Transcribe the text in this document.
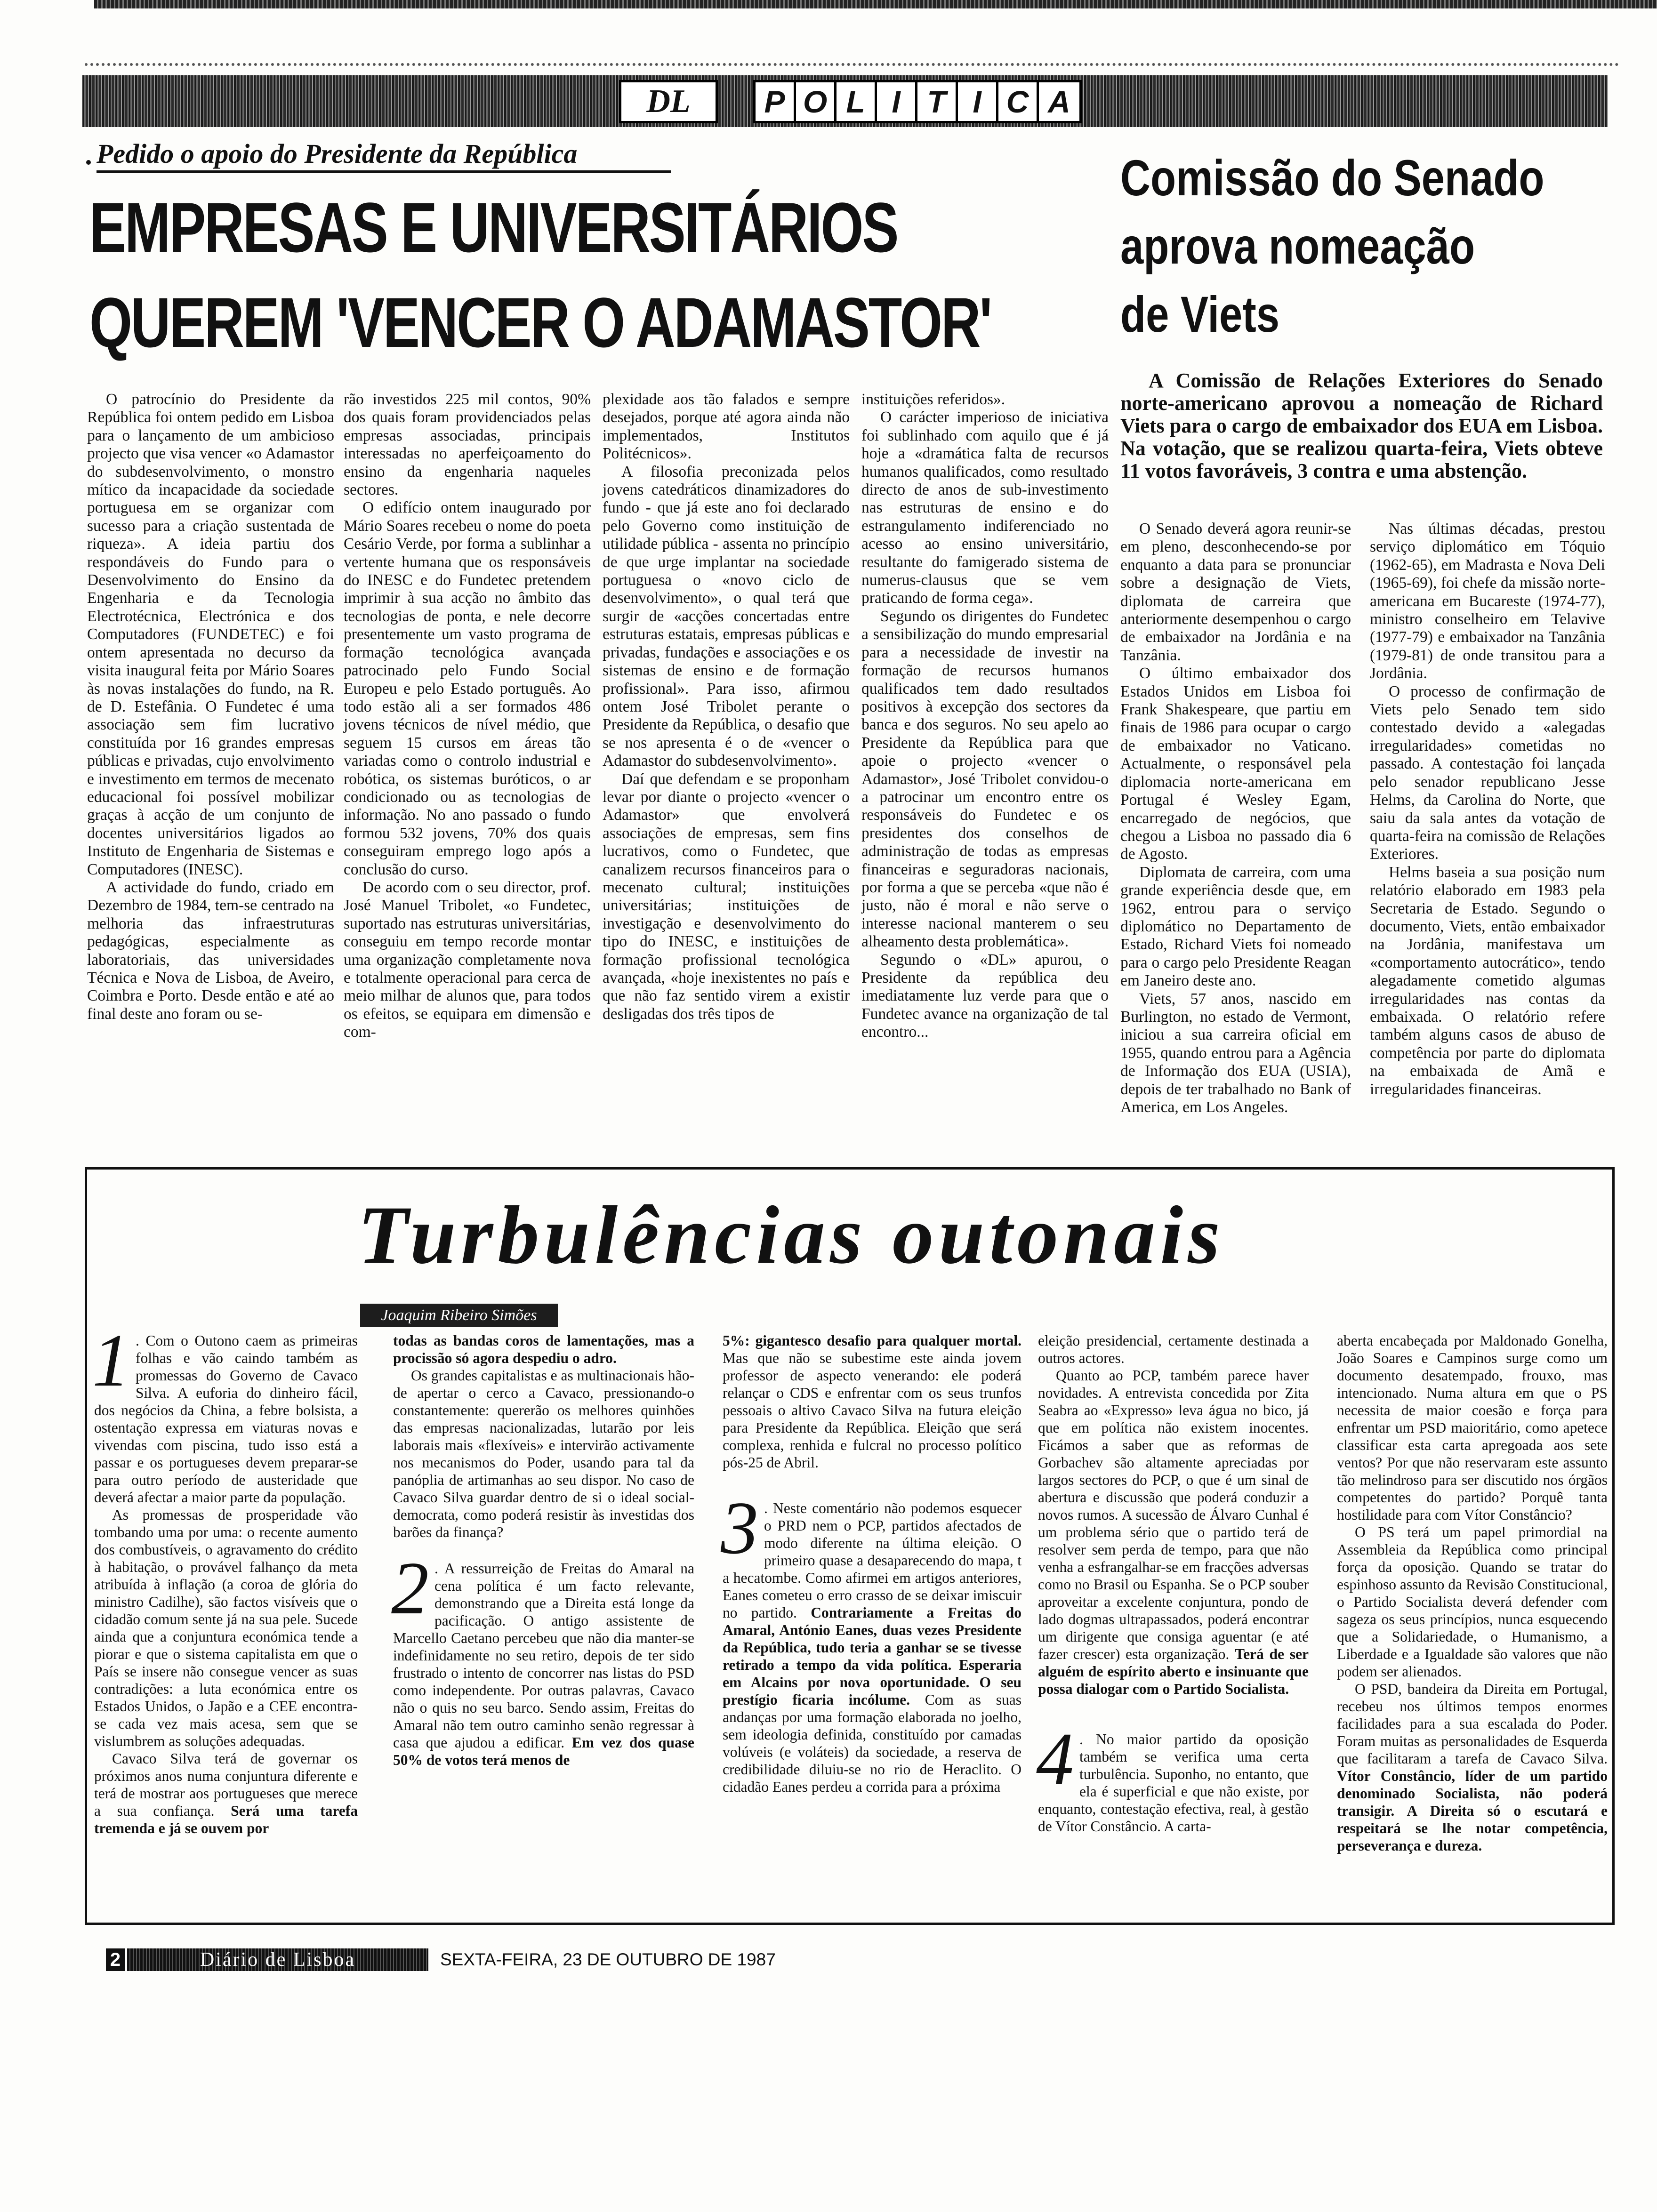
DL	P O L I T I C A
Pedido o apoio do Presidente da República
EMPRESAS E UNIVERSITÁRIOS
QUEREM 'VENCER O ADAMASTOR'

O patrocínio do Presidente da República foi ontem pedido em Lisboa para o lançamento de um ambicioso projecto que visa vencer «o Adamastor do subdesenvolvimento, o monstro mítico da incapacidade da sociedade portuguesa em se organizar com sucesso para a criação sustentada de riqueza». A ideia partiu dos respondáveis do Fundo para o Desenvolvimento do Ensino da Engenharia e da Tecnologia Electrotécnica, Electrónica e dos Computadores (FUNDETEC) e foi ontem apresentada no decurso da visita inaugural feita por Mário Soares às novas instalações do fundo, na R. de D. Estefânia. O Fundetec é uma associação sem fim lucrativo constituída por 16 grandes empresas públicas e privadas, cujo envolvimento e investimento em termos de mecenato educacional foi possível mobilizar graças à acção de um conjunto de docentes universitários ligados ao Instituto de Engenharia de Sistemas e Computadores (INESC).

A actividade do fundo, criado em Dezembro de 1984, tem-se centrado na melhoria das infraestruturas pedagógicas, especialmente as laboratoriais, das universidades Técnica e Nova de Lisboa, de Aveiro, Coimbra e Porto. Desde então e até ao final deste ano foram ou se-

rão investidos 225 mil contos, 90% dos quais foram providenciados pelas empresas associadas, principais interessadas no aperfeiçoamento do ensino da engenharia naqueles sectores.

O edifício ontem inaugurado por Mário Soares recebeu o nome do poeta Cesário Verde, por forma a sublinhar a vertente humana que os responsáveis do INESC e do Fundetec pretendem imprimir à sua acção no âmbito das tecnologias de ponta, e nele decorre presentemente um vasto programa de formação tecnológica avançada patrocinado pelo Fundo Social Europeu e pelo Estado português. Ao todo estão ali a ser formados 486 jovens técnicos de nível médio, que seguem 15 cursos em áreas tão variadas como o controlo industrial e robótica, os sistemas buróticos, o ar condicionado ou as tecnologias de informação. No ano passado o fundo formou 532 jovens, 70% dos quais conseguiram emprego logo após a conclusão do curso.

De acordo com o seu director, prof. José Manuel Tribolet, «o Fundetec, suportado nas estruturas universitárias, conseguiu em tempo recorde montar uma organização completamente nova e totalmente operacional para cerca de meio milhar de alunos que, para todos os efeitos, se equipara em dimensão e com-

plexidade aos tão falados e sempre desejados, porque até agora ainda não implementados, Institutos Politécnicos».

A filosofia preconizada pelos jovens catedráticos dinamizadores do fundo - que já este ano foi declarado pelo Governo como instituição de utilidade pública - assenta no princípio de que urge implantar na sociedade portuguesa o «novo ciclo de desenvolvimento», o qual terá que surgir de «acções concertadas entre estruturas estatais, empresas públicas e privadas, fundações e associações e os sistemas de ensino e de formação profissional». Para isso, afirmou ontem José Tribolet perante o Presidente da República, o desafio que se nos apresenta é o de «vencer o Adamastor do subdesenvolvimento».

Daí que defendam e se proponham levar por diante o projecto «vencer o Adamastor» que envolverá associações de empresas, sem fins lucrativos, como o Fundetec, que canalizem recursos financeiros para o mecenato cultural; instituições universitárias; instituições de investigação e desenvolvimento do tipo do INESC, e instituições de formação profissional tecnológica avançada, «hoje inexistentes no país e que não faz sentido virem a existir desligadas dos três tipos de

instituições referidos».

O carácter imperioso de iniciativa foi sublinhado com aquilo que é já hoje a «dramática falta de recursos humanos qualificados, como resultado directo de anos de sub-investimento nas estruturas de ensino e do estrangulamento indiferenciado no acesso ao ensino universitário, resultante do famigerado sistema de numerus-clausus que se vem praticando de forma cega».

Segundo os dirigentes do Fundetec a sensibilização do mundo empresarial para a necessidade de investir na formação de recursos humanos qualificados tem dado resultados positivos à excepção dos sectores da banca e dos seguros. No seu apelo ao Presidente da República para que apoie o projecto «vencer o Adamastor», José Tribolet convidou-o a patrocinar um encontro entre os responsáveis do Fundetec e os presidentes dos conselhos de administração de todas as empresas financeiras e seguradoras nacionais, por forma a que se perceba «que não é justo, não é moral e não serve o interesse nacional manterem o seu alheamento desta problemática».

Segundo o «DL» apurou, o Presidente da república deu imediatamente luz verde para que o Fundetec avance na organização de tal encontro...

Comissão do Senado
aprova nomeação
de Viets
A Comissão de Relações Exteriores do Senado norte-americano aprovou a nomeação de Richard Viets para o cargo de embaixador dos EUA em Lisboa. Na votação, que se realizou quarta-feira, Viets obteve 11 votos favoráveis, 3 contra e uma abstenção.

O Senado deverá agora reunir-se em pleno, desconhecendo-se por enquanto a data para se pronunciar sobre a designação de Viets, diplomata de carreira que anteriormente desempenhou o cargo de embaixador na Jordânia e na Tanzânia.

O último embaixador dos Estados Unidos em Lisboa foi Frank Shakespeare, que partiu em finais de 1986 para ocupar o cargo de embaixador no Vaticano. Actualmente, o responsável pela diplomacia norte-americana em Portugal é Wesley Egam, encarregado de negócios, que chegou a Lisboa no passado dia 6 de Agosto.

Diplomata de carreira, com uma grande experiência desde que, em 1962, entrou para o serviço diplomático no Departamento de Estado, Richard Viets foi nomeado para o cargo pelo Presidente Reagan em Janeiro deste ano.

Viets, 57 anos, nascido em Burlington, no estado de Vermont, iniciou a sua carreira oficial em 1955, quando entrou para a Agência de Informação dos EUA (USIA), depois de ter trabalhado no Bank of America, em Los Angeles.

Nas últimas décadas, prestou serviço diplomático em Tóquio (1962-65), em Madrasta e Nova Deli (1965-69), foi chefe da missão norte-americana em Bucareste (1974-77), ministro conselheiro em Telavive (1977-79) e embaixador na Tanzânia (1979-81) de onde transitou para a Jordânia.

O processo de confirmação de Viets pelo Senado tem sido contestado devido a «alegadas irregularidades» cometidas no passado. A contestação foi lançada pelo senador republicano Jesse Helms, da Carolina do Norte, que saiu da sala antes da votação de quarta-feira na comissão de Relações Exteriores.

Helms baseia a sua posição num relatório elaborado em 1983 pela Secretaria de Estado. Segundo o documento, Viets, então embaixador na Jordânia, manifestava um «comportamento autocrático», tendo alegadamente cometido algumas irregularidades nas contas da embaixada. O relatório refere também alguns casos de abuso de competência por parte do diplomata na embaixada de Amã e irregularidades financeiras.

Turbulências outonais
Joaquim Ribeiro Simões

1 . Com o Outono caem as primeiras folhas e vão caindo também as promessas do Governo de Cavaco Silva. A euforia do dinheiro fácil, dos negócios da China, a febre bolsista, a ostentação expressa em viaturas novas e vivendas com piscina, tudo isso está a passar e os portugueses devem preparar-se para outro período de austeridade que deverá afectar a maior parte da população.

As promessas de prosperidade vão tombando uma por uma: o recente aumento dos combustíveis, o agravamento do crédito à habitação, o provável falhanço da meta atribuída à inflação (a coroa de glória do ministro Cadilhe), são factos visíveis que o cidadão comum sente já na sua pele. Sucede ainda que a conjuntura económica tende a piorar e que o sistema capitalista em que o País se insere não consegue vencer as suas contradições: a luta económica entre os Estados Unidos, o Japão e a CEE encontra-se cada vez mais acesa, sem que se vislumbrem as soluções adequadas.

Cavaco Silva terá de governar os próximos anos numa conjuntura diferente e terá de mostrar aos portugueses que merece a sua confiança. Será uma tarefa tremenda e já se ouvem por

todas as bandas coros de lamentações, mas a procissão só agora despediu o adro.

Os grandes capitalistas e as multinacionais hão-de apertar o cerco a Cavaco, pressionando-o constantemente: quererão os melhores quinhões das empresas nacionalizadas, lutarão por leis laborais mais «flexíveis» e intervirão activamente nos mecanismos do Poder, usando para tal da panóplia de artimanhas ao seu dispor. No caso de Cavaco Silva guardar dentro de si o ideal social-democrata, como poderá resistir às investidas dos barões da finança?

2 . A ressurreição de Freitas do Amaral na cena política é um facto relevante, demonstrando que a Direita está longe da pacificação. O antigo assistente de Marcello Caetano percebeu que não dia manter-se indefinidamente no seu retiro, depois de ter sido frustrado o intento de concorrer nas listas do PSD como independente. Por outras palavras, Cavaco não o quis no seu barco. Sendo assim, Freitas do Amaral não tem outro caminho senão regressar à casa que ajudou a edificar. Em vez dos quase 50% de votos terá menos de

5%: gigantesco desafio para qualquer mortal. Mas que não se subestime este ainda jovem professor de aspecto venerando: ele poderá relançar o CDS e enfrentar com os seus trunfos pessoais o altivo Cavaco Silva na futura eleição para Presidente da República. Eleição que será complexa, renhida e fulcral no processo político pós-25 de Abril.

3 . Neste comentário não podemos esquecer o PRD nem o PCP, partidos afectados de modo diferente na última eleição. O primeiro quase a desaparecendo do mapa, t a hecatombe. Como afirmei em artigos anteriores, Eanes cometeu o erro crasso de se deixar imiscuir no partido. Contrariamente a Freitas do Amaral, António Eanes, duas vezes Presidente da República, tudo teria a ganhar se se tivesse retirado a tempo da vida política. Esperaria em Alcains por nova oportunidade. O seu prestígio ficaria incólume. Com as suas andanças por uma formação elaborada no joelho, sem ideologia definida, constituído por camadas volúveis (e voláteis) da sociedade, a reserva de credibilidade diluiu-se no rio de Heraclito. O cidadão Eanes perdeu a corrida para a próxima

eleição presidencial, certamente destinada a outros actores.

Quanto ao PCP, também parece haver novidades. A entrevista concedida por Zita Seabra ao «Expresso» leva água no bico, já que em política não existem inocentes. Ficámos a saber que as reformas de Gorbachev são altamente apreciadas por largos sectores do PCP, o que é um sinal de abertura e discussão que poderá conduzir a novos rumos. A sucessão de Álvaro Cunhal é um problema sério que o partido terá de resolver sem perda de tempo, para que não venha a esfrangalhar-se em fracções adversas como no Brasil ou Espanha. Se o PCP souber aproveitar a excelente conjuntura, pondo de lado dogmas ultrapassados, poderá encontrar um dirigente que consiga aguentar (e até fazer crescer) esta organização. Terá de ser alguém de espírito aberto e insinuante que possa dialogar com o Partido Socialista.

4 . No maior partido da oposição também se verifica uma certa turbulência. Suponho, no entanto, que ela é superficial e que não existe, por enquanto, contestação efectiva, real, à gestão de Vítor Constâncio. A carta-

aberta encabeçada por Maldonado Gonelha, João Soares e Campinos surge como um documento desatempado, frouxo, mas intencionado. Numa altura em que o PS necessita de maior coesão e força para enfrentar um PSD maioritário, como apetece classificar esta carta apregoada aos sete ventos? Por que não reservaram este assunto tão melindroso para ser discutido nos órgãos competentes do partido? Porquê tanta hostilidade para com Vítor Constâncio?

O PS terá um papel primordial na Assembleia da República como principal força da oposição. Quando se tratar do espinhoso assunto da Revisão Constitucional, o Partido Socialista deverá defender com sageza os seus princípios, nunca esquecendo que a Solidariedade, o Humanismo, a Liberdade e a Igualdade são valores que não podem ser alienados.

O PSD, bandeira da Direita em Portugal, recebeu nos últimos tempos enormes facilidades para a sua escalada do Poder. Foram muitas as personalidades de Esquerda que facilitaram a tarefa de Cavaco Silva. Vítor Constâncio, líder de um partido denominado Socialista, não poderá transigir. A Direita só o escutará e respeitará se lhe notar competência, perseverança e dureza.

2	Diário de Lisboa	SEXTA-FEIRA, 23 DE OUTUBRO DE 1987
